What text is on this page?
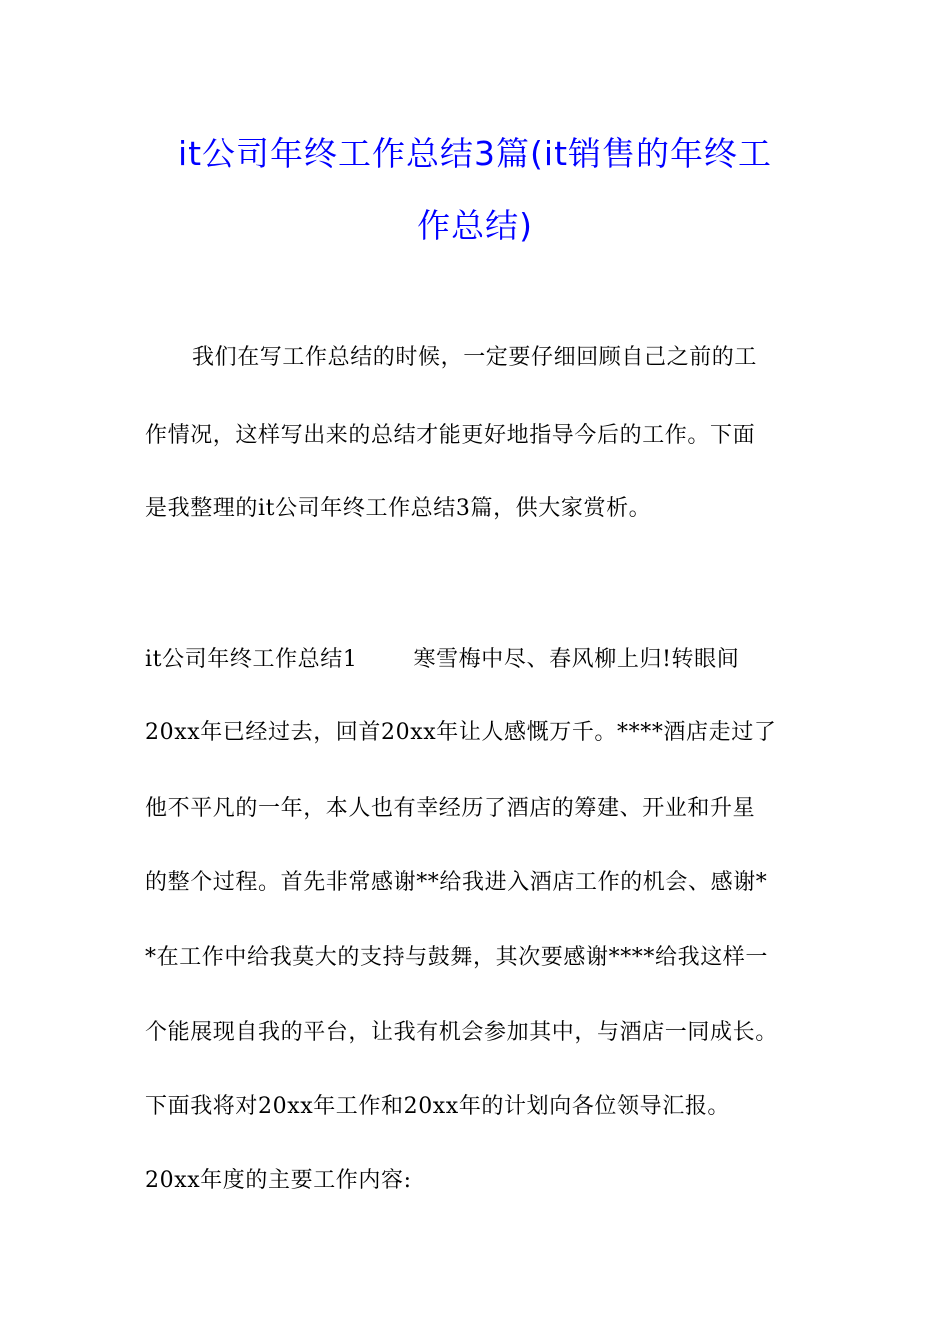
it公司年终工作总结3篇(it销售的年终工
作总结)
我们在写工作总结的时候，一定要仔细回顾自己之前的工
作情况，这样写出来的总结才能更好地指导今后的工作。下面
是我整理的it公司年终工作总结3篇，供大家赏析。
it公司年终工作总结1	寒雪梅中尽、春风柳上归!转眼间
20xx年已经过去，回首20xx年让人感慨万千。****酒店走过了
他不平凡的一年，本人也有幸经历了酒店的筹建、开业和升星
的整个过程。首先非常感谢**给我进入酒店工作的机会、感谢*
*在工作中给我莫大的支持与鼓舞，其次要感谢****给我这样一
个能展现自我的平台，让我有机会参加其中，与酒店一同成长。
下面我将对20xx年工作和20xx年的计划向各位领导汇报。
20xx年度的主要工作内容:
